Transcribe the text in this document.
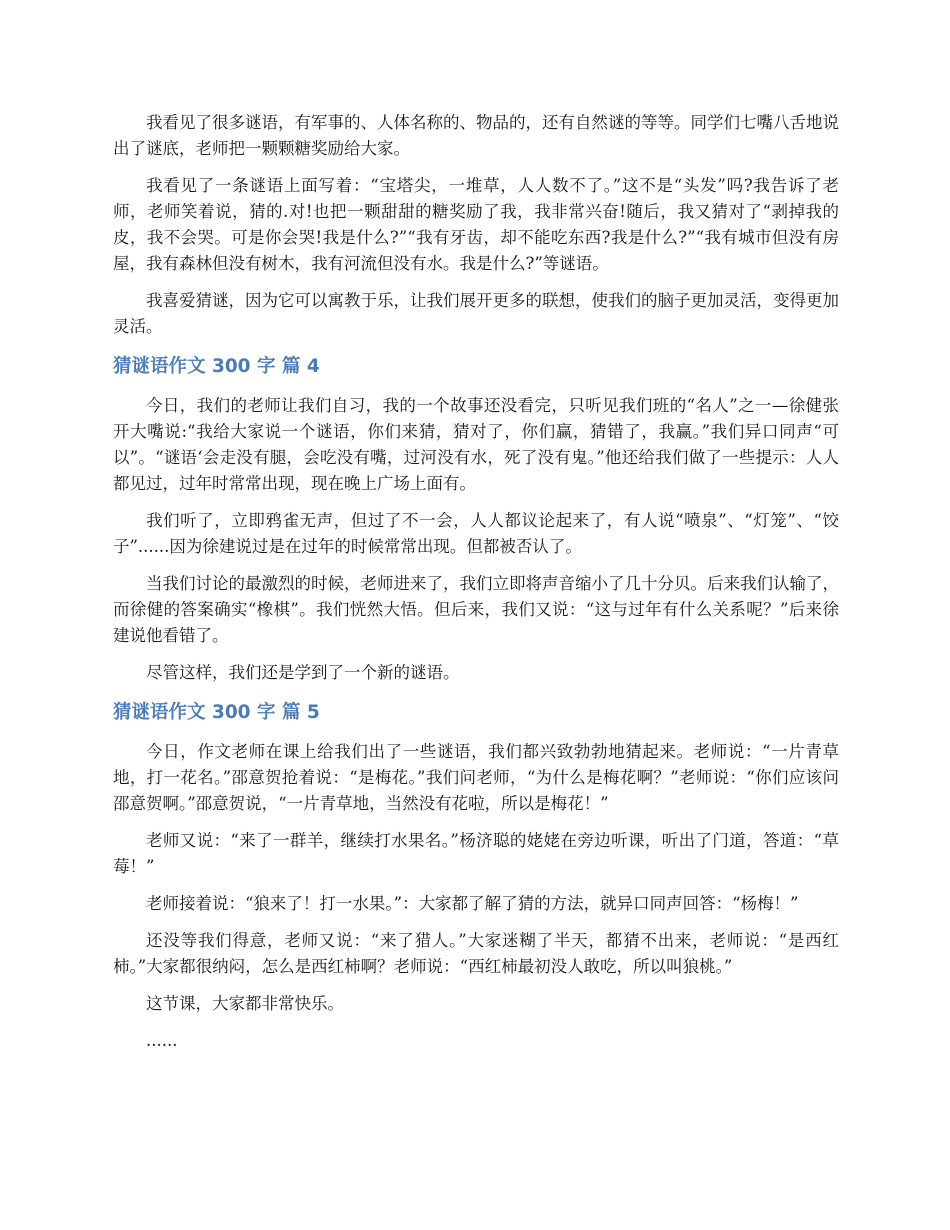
我看见了很多谜语，有军事的、人体名称的、物品的，还有自然谜的等等。同学们七嘴八舌地说出了谜底，老师把一颗颗糖奖励给大家。

我看见了一条谜语上面写着：“宝塔尖，一堆草，人人数不了。”这不是“头发”吗?我告诉了老师，老师笑着说，猜的.对!也把一颗甜甜的糖奖励了我，我非常兴奋!随后，我又猜对了“剥掉我的皮，我不会哭。可是你会哭!我是什么?”“我有牙齿，却不能吃东西?我是什么?”“我有城市但没有房屋，我有森林但没有树木，我有河流但没有水。我是什么?”等谜语。

我喜爱猜谜，因为它可以寓教于乐，让我们展开更多的联想，使我们的脑子更加灵活，变得更加灵活。

猜谜语作文 300 字 篇 4

今日，我们的老师让我们自习，我的一个故事还没看完，只听见我们班的“名人”之一—徐健张开大嘴说:“我给大家说一个谜语，你们来猜，猜对了，你们赢，猜错了，我赢。”我们异口同声“可以”。“谜语‘会走没有腿，会吃没有嘴，过河没有水，死了没有鬼。”他还给我们做了一些提示：人人都见过，过年时常常出现，现在晚上广场上面有。

我们听了，立即鸦雀无声，但过了不一会，人人都议论起来了，有人说“喷泉”、“灯笼”、“饺子”......因为徐建说过是在过年的时候常常出现。但都被否认了。

当我们讨论的最激烈的时候，老师进来了，我们立即将声音缩小了几十分贝。后来我们认输了，而徐健的答案确实“橡棋”。我们恍然大悟。但后来，我们又说：“这与过年有什么关系呢？”后来徐建说他看错了。

尽管这样，我们还是学到了一个新的谜语。

猜谜语作文 300 字 篇 5

今日，作文老师在课上给我们出了一些谜语，我们都兴致勃勃地猜起来。老师说：“一片青草地，打一花名。”邵意贺抢着说：“是梅花。”我们问老师，“为什么是梅花啊？”老师说：“你们应该问邵意贺啊。”邵意贺说，“一片青草地，当然没有花啦，所以是梅花！”

老师又说：“来了一群羊，继续打水果名。”杨济聪的姥姥在旁边听课，听出了门道，答道：“草莓！”

老师接着说：“狼来了！打一水果。”：大家都了解了猜的方法，就异口同声回答：“杨梅！”

还没等我们得意，老师又说：“来了猎人。”大家迷糊了半天，都猜不出来，老师说：“是西红柿。”大家都很纳闷，怎么是西红柿啊？老师说：“西红柿最初没人敢吃，所以叫狼桃。”

这节课，大家都非常快乐。

......
